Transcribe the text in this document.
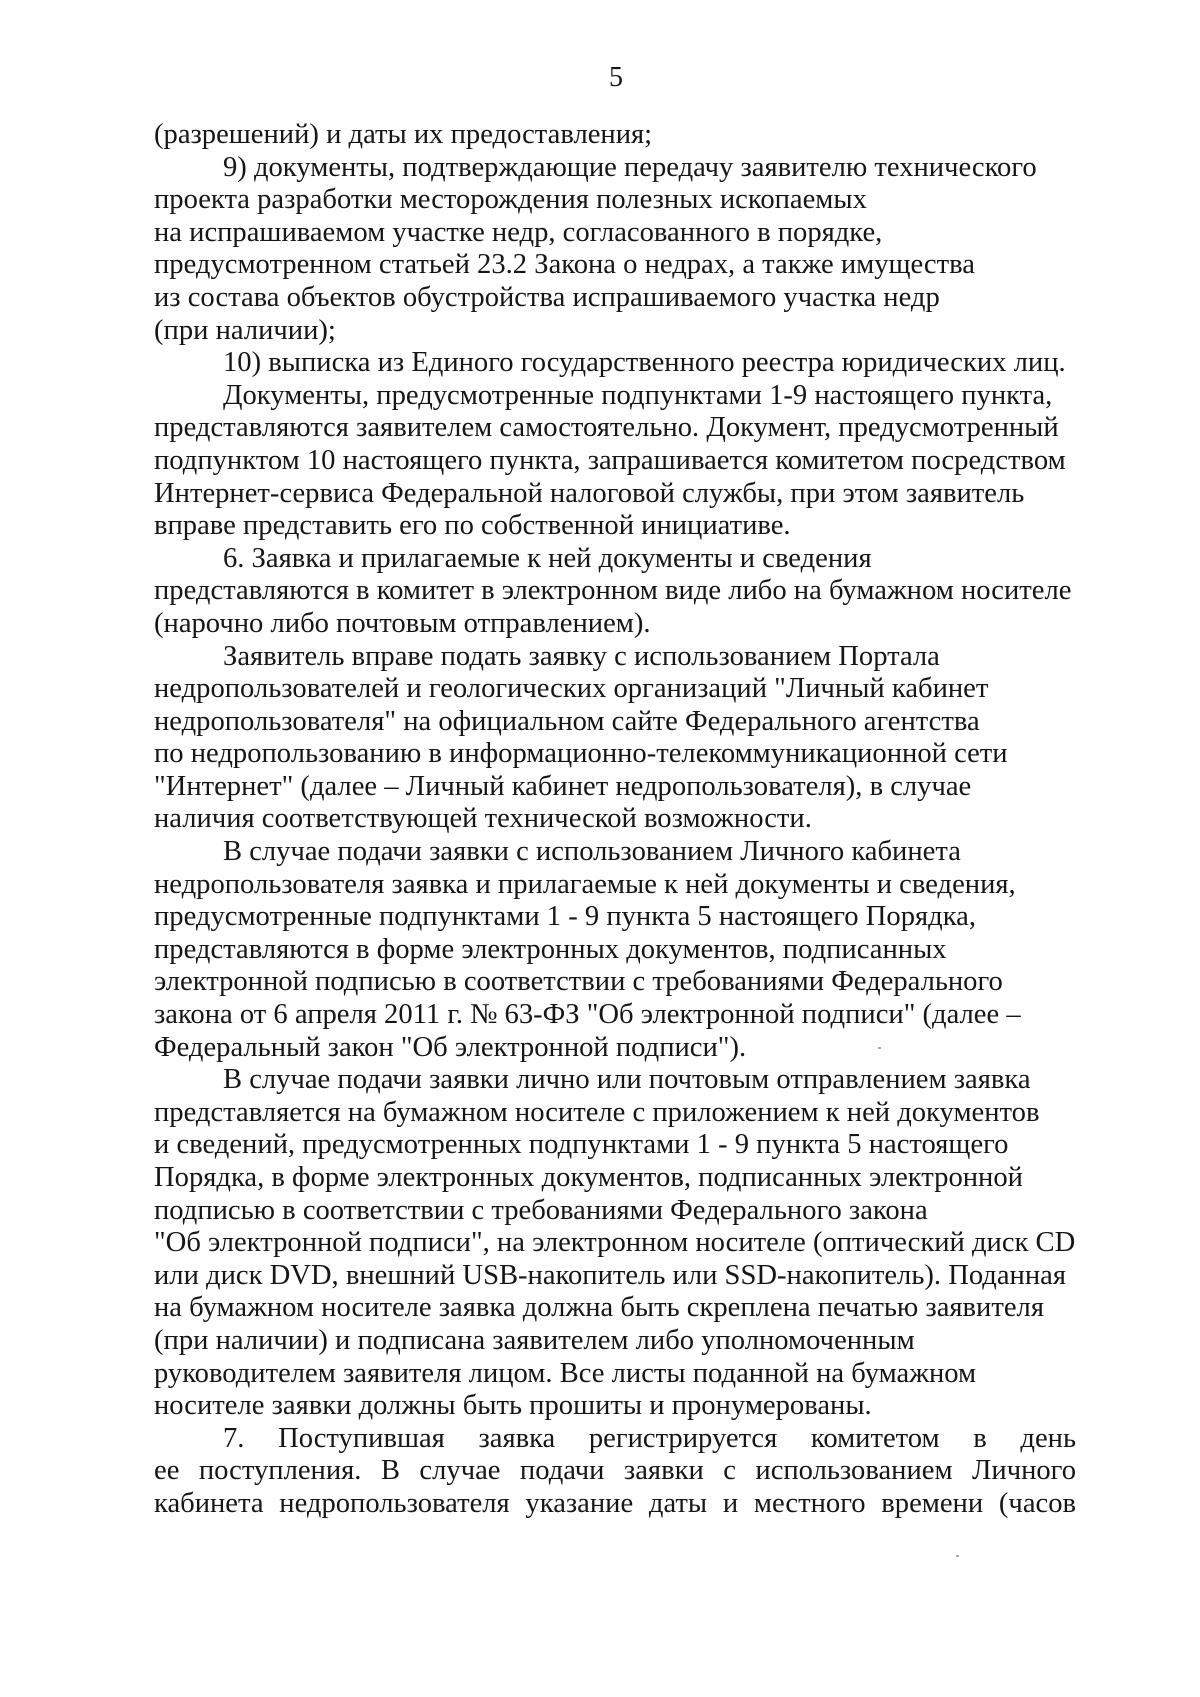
5

(разрешений) и даты их предоставления;

9) документы, подтверждающие передачу заявителю технического
проекта разработки месторождения полезных ископаемых
на испрашиваемом участке недр, согласованного в порядке,
предусмотренном статьей 23.2 Закона о недрах, а также имущества
из состава объектов обустройства испрашиваемого участка недр
(при наличии);

10) выписка из Единого государственного реестра юридических лиц.

Документы, предусмотренные подпунктами 1-9 настоящего пункта,
представляются заявителем самостоятельно. Документ, предусмотренный
подпунктом 10 настоящего пункта, запрашивается комитетом посредством
Интернет-сервиса Федеральной налоговой службы, при этом заявитель
вправе представить его по собственной инициативе.

6. Заявка и прилагаемые к ней документы и сведения
представляются в комитет в электронном виде либо на бумажном носителе
(нарочно либо почтовым отправлением).

Заявитель вправе подать заявку с использованием Портала
недропользователей и геологических организаций "Личный кабинет
недропользователя" на официальном сайте Федерального агентства
по недропользованию в информационно-телекоммуникационной сети
"Интернет" (далее – Личный кабинет недропользователя), в случае
наличия соответствующей технической возможности.

В случае подачи заявки с использованием Личного кабинета
недропользователя заявка и прилагаемые к ней документы и сведения,
предусмотренные подпунктами 1 - 9 пункта 5 настоящего Порядка,
представляются в форме электронных документов, подписанных
электронной подписью в соответствии с требованиями Федерального
закона от 6 апреля 2011 г. № 63-ФЗ "Об электронной подписи" (далее –
Федеральный закон "Об электронной подписи").

В случае подачи заявки лично или почтовым отправлением заявка
представляется на бумажном носителе с приложением к ней документов
и сведений, предусмотренных подпунктами 1 - 9 пункта 5 настоящего
Порядка, в форме электронных документов, подписанных электронной
подписью в соответствии с требованиями Федерального закона
"Об электронной подписи", на электронном носителе (оптический диск CD
или диск DVD, внешний USB-накопитель или SSD-накопитель). Поданная
на бумажном носителе заявка должна быть скреплена печатью заявителя
(при наличии) и подписана заявителем либо уполномоченным
руководителем заявителя лицом. Все листы поданной на бумажном
носителе заявки должны быть прошиты и пронумерованы.

7. Поступившая заявка регистрируется комитетом в день
ее поступления. В случае подачи заявки с использованием Личного
кабинета недропользователя указание даты и местного времени (часов
